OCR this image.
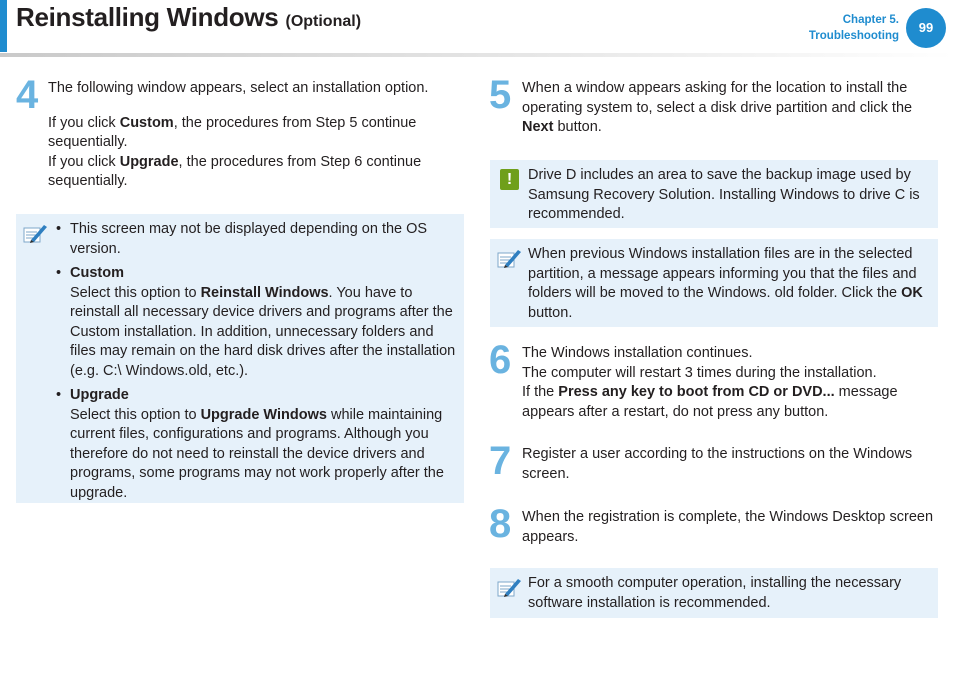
Reinstalling Windows (Optional)	Chapter 5.
Troubleshooting
99
4 The following window appears, select an installation option.

If you click Custom, the procedures from Step 5 continue sequentially.

If you click Upgrade, the procedures from Step 6 continue sequentially.

• This screen may not be displayed depending on the OS version.
• Custom
Select this option to Reinstall Windows. You have to reinstall all necessary device drivers and programs after the Custom installation. In addition, unnecessary folders and files may remain on the hard disk drives after the installation (e.g. C:\ Windows.old, etc.).
• Upgrade
Select this option to Upgrade Windows while maintaining current files, configurations and programs. Although you therefore do not need to reinstall the device drivers and programs, some programs may not work properly after the upgrade.
5 When a window appears asking for the location to install the operating system to, select a disk drive partition and click the Next button.

!	Drive D includes an area to save the backup image used by Samsung Recovery Solution. Installing Windows to drive C is recommended.
When previous Windows installation files are in the selected partition, a message appears informing you that the files and folders will be moved to the Windows. old folder. Click the OK button.
6 The Windows installation continues.

The computer will restart 3 times during the installation.

If the Press any key to boot from CD or DVD... message appears after a restart, do not press any button.

7 Register a user according to the instructions on the Windows screen.
8 When the registration is complete, the Windows Desktop screen appears.
For a smooth computer operation, installing the necessary software installation is recommended.
